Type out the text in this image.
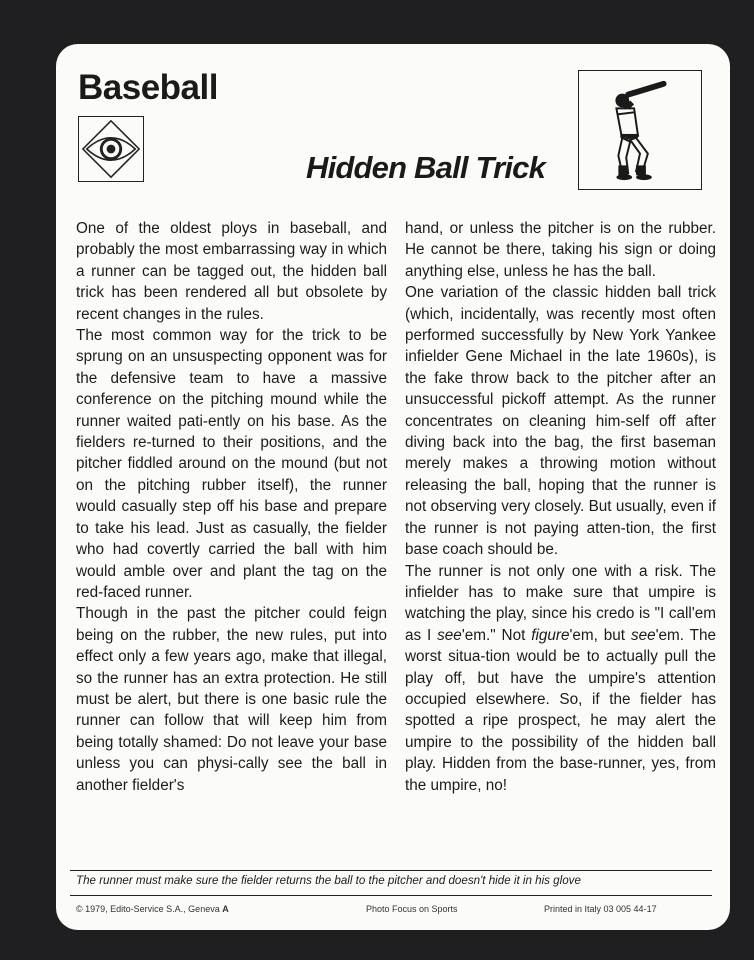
Baseball
Hidden Ball Trick

One of the oldest ploys in baseball, and probably the most embarrassing way in which a runner can be tagged out, the hidden ball trick has been rendered all but obsolete by recent changes in the rules.

The most common way for the trick to be sprung on an unsuspecting opponent was for the defensive team to have a massive conference on the pitching mound while the runner waited pati-ently on his base. As the fielders re-turned to their positions, and the pitcher fiddled around on the mound (but not on the pitching rubber itself), the runner would casually step off his base and prepare to take his lead. Just as casually, the fielder who had covertly carried the ball with him would amble over and plant the tag on the red-faced runner.

Though in the past the pitcher could feign being on the rubber, the new rules, put into effect only a few years ago, make that illegal, so the runner has an extra protection. He still must be alert, but there is one basic rule the runner can follow that will keep him from being totally shamed: Do not leave your base unless you can physi-cally see the ball in another fielder's

hand, or unless the pitcher is on the rubber. He cannot be there, taking his sign or doing anything else, unless he has the ball.

One variation of the classic hidden ball trick (which, incidentally, was recently most often performed successfully by New York Yankee infielder Gene Michael in the late 1960s), is the fake throw back to the pitcher after an unsuccessful pickoff attempt. As the runner concentrates on cleaning him-self off after diving back into the bag, the first baseman merely makes a throwing motion without releasing the ball, hoping that the runner is not observing very closely. But usually, even if the runner is not paying atten-tion, the first base coach should be.

The runner is not only one with a risk. The infielder has to make sure that umpire is watching the play, since his credo is "I call'em as I see'em." Not figure'em, but see'em. The worst situa-tion would be to actually pull the play off, but have the umpire's attention occupied elsewhere. So, if the fielder has spotted a ripe prospect, he may alert the umpire to the possibility of the hidden ball play. Hidden from the base-runner, yes, from the umpire, no!

The runner must make sure the fielder returns the ball to the pitcher and doesn't hide it in his glove
© 1979, Edito-Service S.A., Geneva A	Photo Focus on Sports	Printed in Italy 03 005 44-17
